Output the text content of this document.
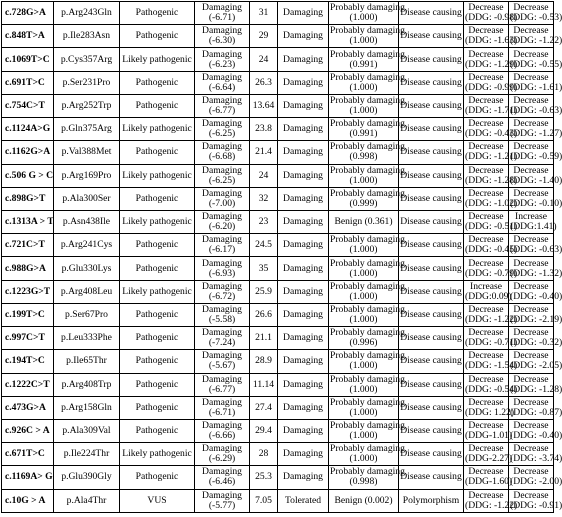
c.728G>A	p.Arg243Gln	Pathogenic	Damaging
(-6.71)	31	Damaging	Probably damaging
(1.000)	Disease causing	Decrease
(DDG: -0.98)	Decrease
(DDG: -0.53)

c.848T>A	p.Ile283Asn	Pathogenic	Damaging
(-6.30)	29	Damaging	Probably damaging
(1.000)	Disease causing	Decrease
(DDG: -1.63)	Decrease
(DDG: -1.22)

c.1069T>C	p.Cys357Arg	Likely pathogenic	Damaging
(-6.23)	24	Damaging	Probably damaging
(0.991)	Disease causing	Decrease
(DDG: -1.29)	Decrease
(DDG: -0.55)

c.691T>C	p.Ser231Pro	Pathogenic	Damaging
(-6.64)	26.3	Damaging	Probably damaging
(1.000)	Disease causing	Decrease
(DDG: -0.99)	Decrease
(DDG: -1.61)

c.754C>T	p.Arg252Trp	Pathogenic	Damaging
(-6.77)	13.64	Damaging	Probably damaging
(1.000)	Disease causing	Decrease
(DDG: -1.71)	Decrease
(DDG: -0.63)

c.1124A>G	p.Gln375Arg	Likely pathogenic	Damaging
(-6.25)	23.8	Damaging	Probably damaging
(0.991)	Disease causing	Decrease
(DDG: -0.43)	Decrease
(DDG: -1.27)

c.1162G>A	p.Val388Met	Pathogenic	Damaging
(-6.68)	21.4	Damaging	Probably damaging
(0.998)	Disease causing	Decrease
(DDG: -1.21)	Decrease
(DDG: -0.59)

c.506 G > C	p.Arg169Pro	Likely pathogenic	Damaging
(-6.25)	24	Damaging	Probably damaging
(1.000)	Disease causing	Decrease
(DDG: -1.28)	Decrease
(DDG: -1.40)

c.898G>T	p.Ala300Ser	Pathogenic	Damaging
(-7.00)	32	Damaging	Probably damaging
(0.999)	Disease causing	Decrease
(DDG: -1.02)	Decrease
(DDG: -0.10)

c.1313A > T	p.Asn438Ile	Likely pathogenic	Damaging
(-6.20)	23	Damaging	Benign (0.361)	Disease causing	Decrease
(DDG: -0.51)	Increase
(DDG:1.41)

c.721C>T	p.Arg241Cys	Pathogenic	Damaging
(-6.17)	24.5	Damaging	Probably damaging
(1.000)	Disease causing	Decrease
(DDG: -0.45)	Decrease
(DDG: -0.63)

c.988G>A	p.Glu330Lys	Pathogenic	Damaging
(-6.93)	35	Damaging	Probably damaging
(1.000)	Disease causing	Decrease
(DDG: -0.79)	Decrease
(DDG: -1.32)

c.1223G>T	p.Arg408Leu	Likely pathogenic	Damaging
(-6.72)	25.9	Damaging	Probably damaging
(1.000)	Disease causing	Increase
(DDG:0.09)	Decrease
(DDG: -0.40)

c.199T>C	p.Ser67Pro	Pathogenic	Damaging
(-5.58)	26.6	Damaging	Probably damaging
(1.000)	Disease causing	Decrease
(DDG: -1.22)	Decrease
(DDG: -2.19)

c.997C>T	p.Leu333Phe	Pathogenic	Damaging
(-7.24)	21.1	Damaging	Probably damaging
(0.996)	Disease causing	Decrease
(DDG: -0.71)	Decrease
(DDG: -0.32)

c.194T>C	p.Ile65Thr	Pathogenic	Damaging
(-5.67)	28.9	Damaging	Probably damaging
(1.000)	Disease causing	Decrease
(DDG: -1.54)	Decrease
(DDG: -2.05)

c.1222C>T	p.Arg408Trp	Pathogenic	Damaging
(-6.77)	11.14	Damaging	Probably damaging
(1.000)	Disease causing	Decrease
(DDG: -0.54)	Decrease
(DDG: -1.28)

c.473G>A	p.Arg158Gln	Pathogenic	Damaging
(-6.71)	27.4	Damaging	Probably damaging
(1.000)	Disease causing	Decrease
(DDG: 1.22)	Decrease
(DDG: -0.87)

c.926C > A	p.Ala309Val	Pathogenic	Damaging
(-6.66)	29.4	Damaging	Probably damaging
(1.000)	Disease causing	Decrease
(DDG-1.01)	Decrease
(DDG: -0.40)

c.671T>C	p.Ile224Thr	Likely pathogenic	Damaging
(-6.29)	28	Damaging	Probably damaging
(1.000)	Disease causing	Decrease
(DDG-2.27)	Decrease
(DDG: -3.74)

c.1169A> G	p.Glu390Gly	Pathogenic	Damaging
(-6.46)	25.3	Damaging	Probably damaging
(0.998)	Disease causing	Decrease
(DDG-1.60)	Decrease
(DDG: -2.00)

c.10G > A	p.Ala4Thr	VUS	Damaging
(-5.77)	7.05	Tolerated	Benign (0.002)	Polymorphism	Decrease
(DDG: -1.22)	Decrease
(DDG: -0.91)
